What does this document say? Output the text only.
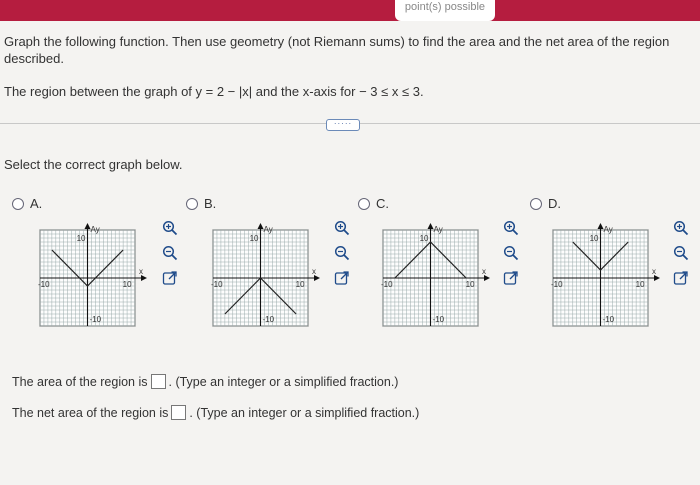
point(s) possible
Graph the following function. Then use geometry (not Riemann sums) to find the area and the net area of the region described.
The region between the graph of y = 2 − |x| and the x-axis for − 3 ≤ x ≤ 3.
·····
Select the correct graph below.
A.	B.	C.	D.
Ay
10
x
-10	10
-10
Ay
10
x
-10	10
-10
Ay
10
x
-10	10
-10
Ay
10
x
-10	10
-10
The area of the region is . (Type an integer or a simplified fraction.)
The net area of the region is . (Type an integer or a simplified fraction.)
